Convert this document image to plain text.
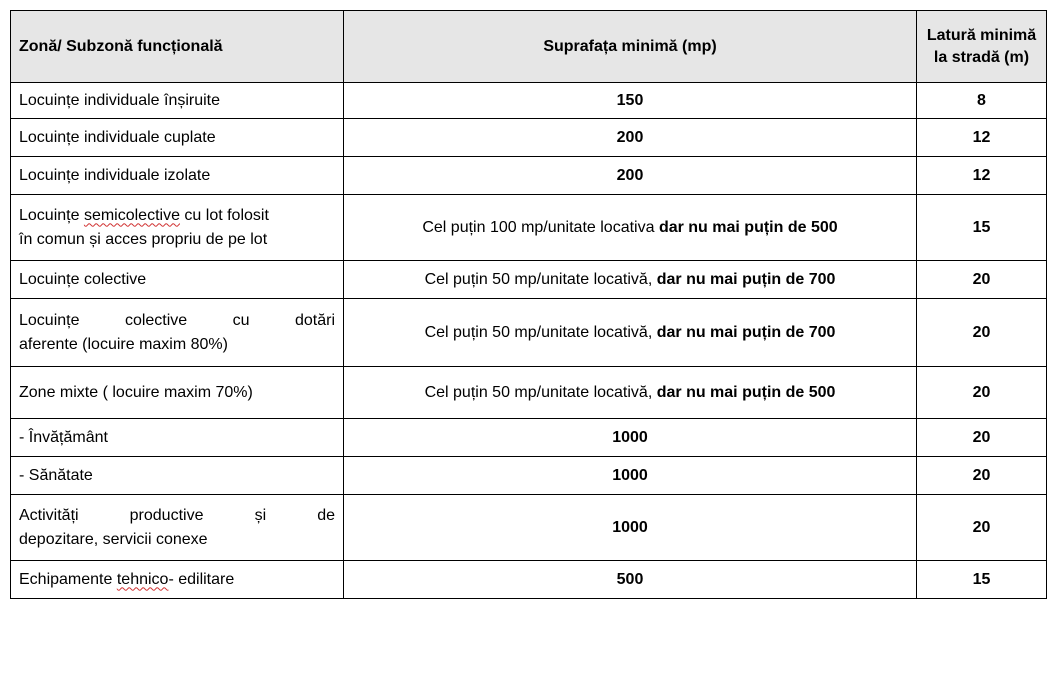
Zonă/ Subzonă funcțională	Suprafața minimă (mp)	Latură minimă
la stradă (m)
Locuințe individuale înșiruite	150	8
Locuințe individuale cuplate	200	12
Locuințe individuale izolate	200	12
Locuințe semicolective cu lot folosit
în comun și acces propriu de pe lot	Cel puțin 100 mp/unitate locativa dar nu mai puțin de 500	15
Locuințe colective	Cel puțin 50 mp/unitate locativă, dar nu mai puțin de 700	20
Locuințe colective cu dotări
aferente (locuire maxim 80%)	Cel puțin 50 mp/unitate locativă, dar nu mai puțin de 700	20
Zone mixte ( locuire maxim 70%)	Cel puțin 50 mp/unitate locativă, dar nu mai puțin de 500	20
- Învățământ	1000	20
- Sănătate	1000	20
Activități productive și de
depozitare, servicii conexe	1000	20
Echipamente tehnico- edilitare	500	15
